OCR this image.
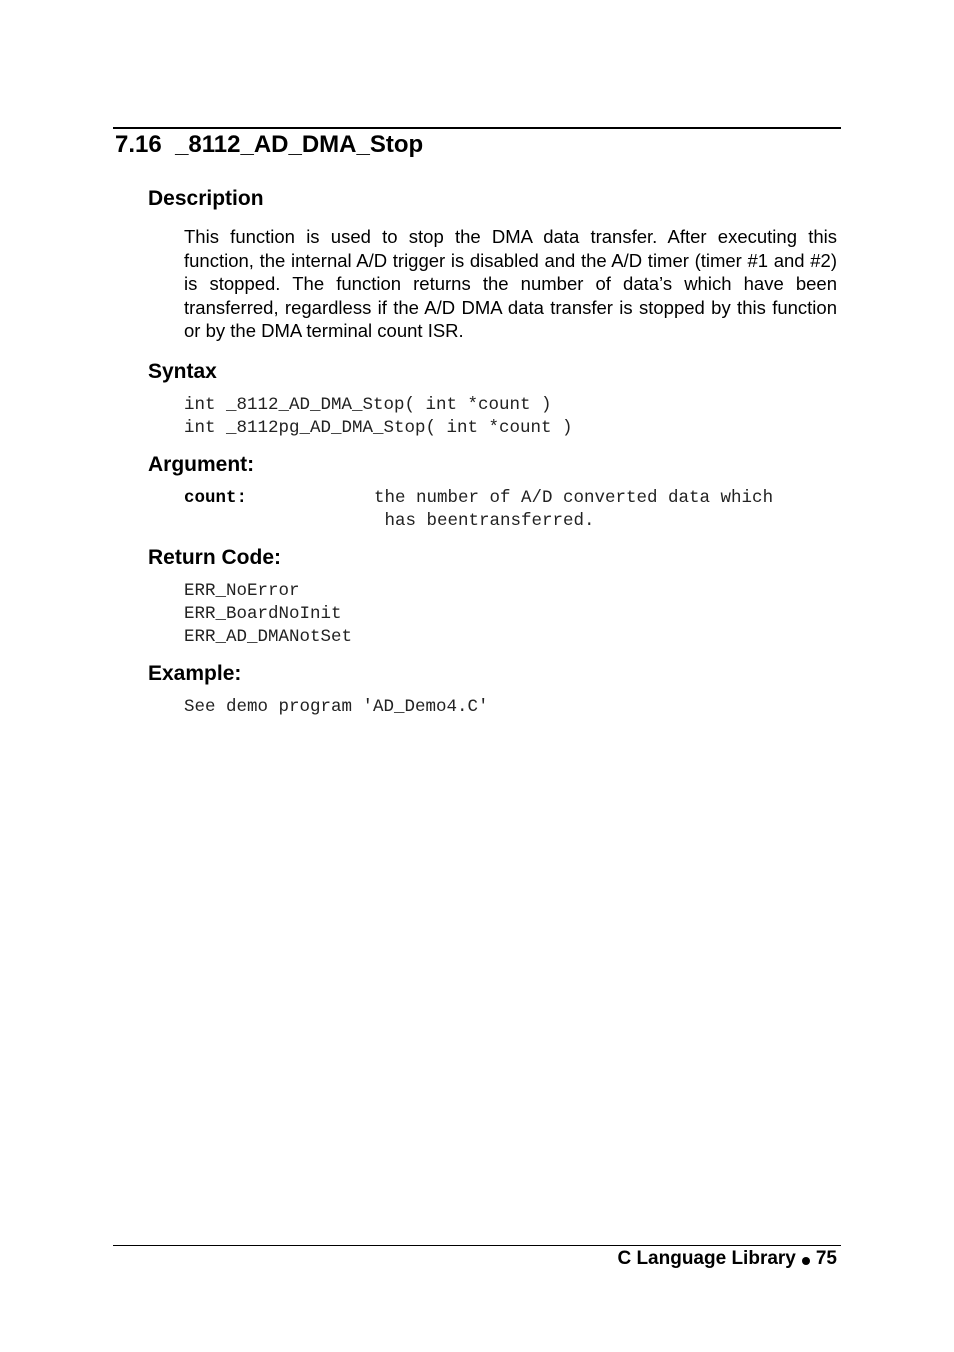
7.16 _8112_AD_DMA_Stop
Description

This function is used to stop the DMA data transfer. After executing this function, the internal A/D trigger is disabled and the A/D timer (timer #1 and #2) is stopped. The function returns the number of data’s which have been transferred, regardless if the A/D DMA data transfer is stopped by this function or by the DMA terminal count ISR.

Syntax
int _8112_AD_DMA_Stop( int *count )
int _8112pg_AD_DMA_Stop( int *count )
Argument:
count:	the number of A/D converted data which
has beentransferred.
Return Code:
ERR_NoError
ERR_BoardNoInit
ERR_AD_DMANotSet
Example:
See demo program 'AD_Demo4.C'
C Language Library 75
